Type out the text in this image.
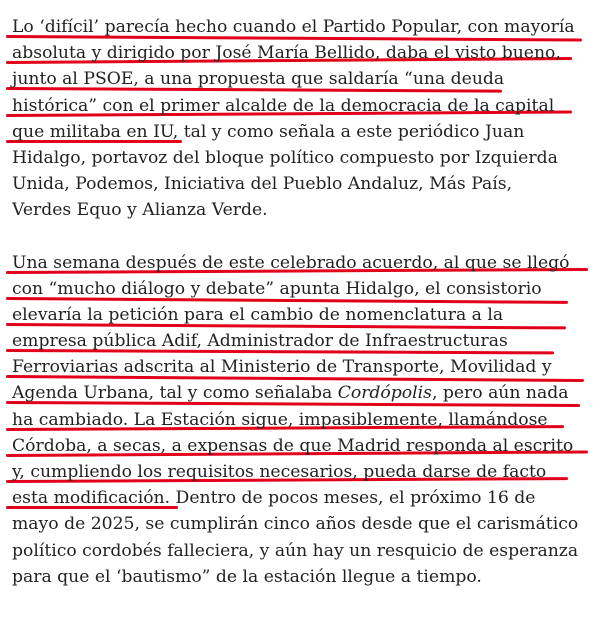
Lo ‘difícil’ parecía hecho cuando el Partido Popular, con mayoría
absoluta y dirigido por José María Bellido, daba el visto bueno,
junto al PSOE, a una propuesta que saldaría “una deuda
histórica” con el primer alcalde de la democracia de la capital
que militaba en IU, tal y como señala a este periódico Juan
Hidalgo, portavoz del bloque político compuesto por Izquierda
Unida, Podemos, Iniciativa del Pueblo Andaluz, Más País,
Verdes Equo y Alianza Verde.
Una semana después de este celebrado acuerdo, al que se llegó
con “mucho diálogo y debate” apunta Hidalgo, el consistorio
elevaría la petición para el cambio de nomenclatura a la
empresa pública Adif, Administrador de Infraestructuras
Ferroviarias adscrita al Ministerio de Transporte, Movilidad y
Agenda Urbana, tal y como señalaba Cordópolis, pero aún nada
ha cambiado. La Estación sigue, impasiblemente, llamándose
Córdoba, a secas, a expensas de que Madrid responda al escrito
y, cumpliendo los requisitos necesarios, pueda darse de facto
esta modificación. Dentro de pocos meses, el próximo 16 de
mayo de 2025, se cumplirán cinco años desde que el carismático
político cordobés falleciera, y aún hay un resquicio de esperanza
para que el ‘bautismo” de la estación llegue a tiempo.
